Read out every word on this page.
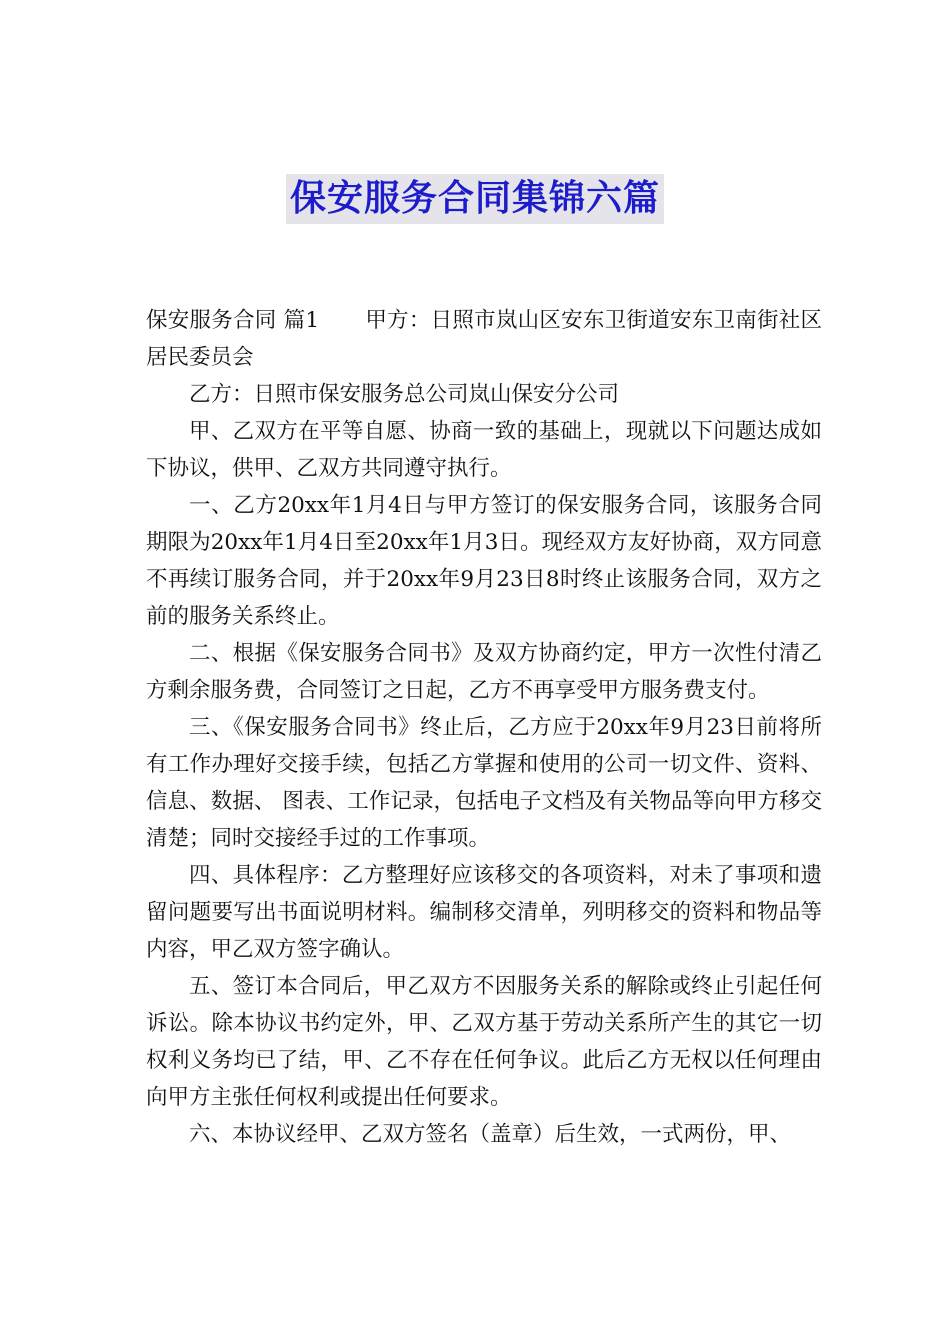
保安服务合同集锦六篇

保安服务合同 篇1 甲方：日照市岚山区安东卫街道安东卫南街社区居民委员会

乙方：日照市保安服务总公司岚山保安分公司

甲、乙双方在平等自愿、协商一致的基础上，现就以下问题达成如下协议，供甲、乙双方共同遵守执行。

一、乙方20xx年1月4日与甲方签订的保安服务合同，该服务合同期限为20xx年1月4日至20xx年1月3日。现经双方友好协商，双方同意不再续订服务合同，并于20xx年9月23日8时终止该服务合同，双方之前的服务关系终止。

二、根据《保安服务合同书》及双方协商约定，甲方一次性付清乙方剩余服务费，合同签订之日起，乙方不再享受甲方服务费支付。

三、《保安服务合同书》终止后，乙方应于20xx年9月23日前将所有工作办理好交接手续，包括乙方掌握和使用的公司一切文件、资料、信息、数据、 图表、工作记录，包括电子文档及有关物品等向甲方移交清楚；同时交接经手过的工作事项。

四、具体程序：乙方整理好应该移交的各项资料，对未了事项和遗留问题要写出书面说明材料。编制移交清单，列明移交的资料和物品等内容，甲乙双方签字确认。

五、签订本合同后，甲乙双方不因服务关系的解除或终止引起任何诉讼。除本协议书约定外，甲、乙双方基于劳动关系所产生的其它一切权利义务均已了结，甲、乙不存在任何争议。此后乙方无权以任何理由向甲方主张任何权利或提出任何要求。

六、本协议经甲、乙双方签名（盖章）后生效，一式两份，甲、
